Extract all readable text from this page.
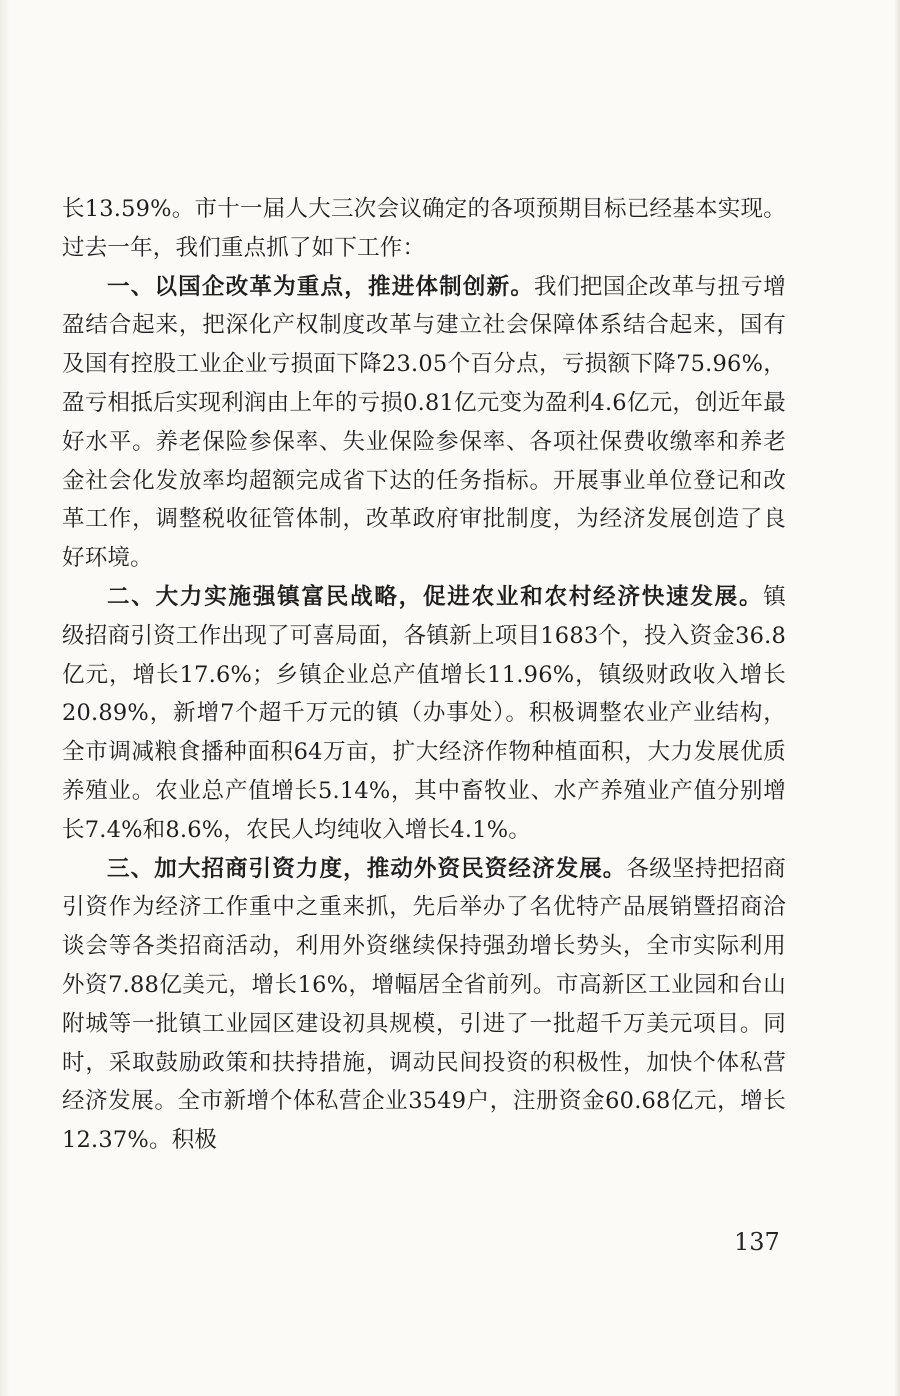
长13.59%。市十一届人大三次会议确定的各项预期目标已经基本实现。过去一年，我们重点抓了如下工作：

一、以国企改革为重点，推进体制创新。我们把国企改革与扭亏增盈结合起来，把深化产权制度改革与建立社会保障体系结合起来，国有及国有控股工业企业亏损面下降23.05个百分点，亏损额下降75.96%，盈亏相抵后实现利润由上年的亏损0.81亿元变为盈利4.6亿元，创近年最好水平。养老保险参保率、失业保险参保率、各项社保费收缴率和养老金社会化发放率均超额完成省下达的任务指标。开展事业单位登记和改革工作，调整税收征管体制，改革政府审批制度，为经济发展创造了良好环境。

二、大力实施强镇富民战略，促进农业和农村经济快速发展。镇级招商引资工作出现了可喜局面，各镇新上项目1683个，投入资金36.8亿元，增长17.6%；乡镇企业总产值增长11.96%，镇级财政收入增长20.89%，新增7个超千万元的镇（办事处）。积极调整农业产业结构，全市调减粮食播种面积64万亩，扩大经济作物种植面积，大力发展优质养殖业。农业总产值增长5.14%，其中畜牧业、水产养殖业产值分别增长7.4%和8.6%，农民人均纯收入增长4.1%。

三、加大招商引资力度，推动外资民资经济发展。各级坚持把招商引资作为经济工作重中之重来抓，先后举办了名优特产品展销暨招商洽谈会等各类招商活动，利用外资继续保持强劲增长势头，全市实际利用外资7.88亿美元，增长16%，增幅居全省前列。市高新区工业园和台山附城等一批镇工业园区建设初具规模，引进了一批超千万美元项目。同时，采取鼓励政策和扶持措施，调动民间投资的积极性，加快个体私营经济发展。全市新增个体私营企业3549户，注册资金60.68亿元，增长12.37%。积极

137
